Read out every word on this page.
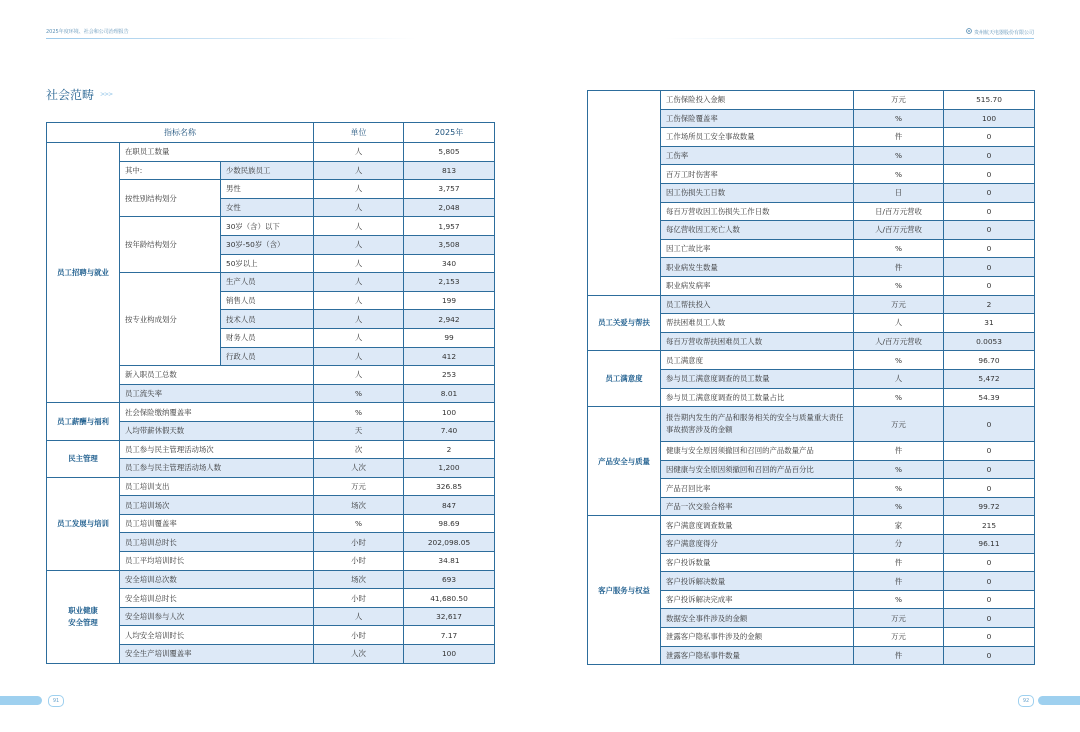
2025年度环境、社会和公司治理报告	贵州航天电器股份有限公司
社会范畴 >>>
指标名称			单位	2025年
员工招聘与就业	在职员工数量		人	5,805
	其中:	少数民族员工	人	813
	按性别结构划分	男性	人	3,757
		女性	人	2,048
	按年龄结构划分	30岁（含）以下	人	1,957
		30岁-50岁（含）	人	3,508
		50岁以上	人	340
	按专业构成划分	生产人员	人	2,153
		销售人员	人	199
		技术人员	人	2,942
		财务人员	人	99
		行政人员	人	412
	新入职员工总数		人	253
	员工流失率		%	8.01
员工薪酬与福利	社会保险缴纳覆盖率		%	100
	人均带薪休假天数		天	7.40
民主管理	员工参与民主管理活动场次		次	2
	员工参与民主管理活动场人数		人次	1,200
员工发展与培训	员工培训支出		万元	326.85
	员工培训场次		场次	847
	员工培训覆盖率		%	98.69
	员工培训总时长		小时	202,098.05
	员工平均培训时长		小时	34.81
职业健康
安全管理	安全培训总次数		场次	693
	安全培训总时长		小时	41,680.50
	安全培训参与人次		人	32,617
	人均安全培训时长		小时	7.17
	安全生产培训覆盖率		人次	100
	工伤保险投入金额	万元	515.70
	工伤保险覆盖率	%	100
	工作场所员工安全事故数量	件	0
	工伤率	%	0
	百万工时伤害率	%	0
	因工伤损失工日数	日	0
	每百万营收因工伤损失工作日数	日/百万元营收	0
	每亿营收因工死亡人数	人/百万元营收	0
	因工亡故比率	%	0
	职业病发生数量	件	0
	职业病发病率	%	0
员工关爱与帮扶	员工帮扶投入	万元	2
	帮扶困难员工人数	人	31
	每百万营收帮扶困难员工人数	人/百万元营收	0.0053
员工满意度	员工满意度	%	96.70
	参与员工满意度调查的员工数量	人	5,472
	参与员工满意度调查的员工数量占比	%	54.39
产品安全与质量	报告期内发生的产品和服务相关的安全与质量重大责任事故损害涉及的金额	万元	0
	健康与安全原因须撤回和召回的产品数量产品	件	0
	因健康与安全原因须撤回和召回的产品百分比	%	0
	产品召回比率	%	0
	产品一次交验合格率	%	99.72
客户服务与权益	客户满意度调查数量	家	215
	客户满意度得分	分	96.11
	客户投诉数量	件	0
	客户投诉解决数量	件	0
	客户投诉解决完成率	%	0
	数据安全事件涉及的金额	万元	0
	泄露客户隐私事件涉及的金额	万元	0
	泄露客户隐私事件数量	件	0
91	92
